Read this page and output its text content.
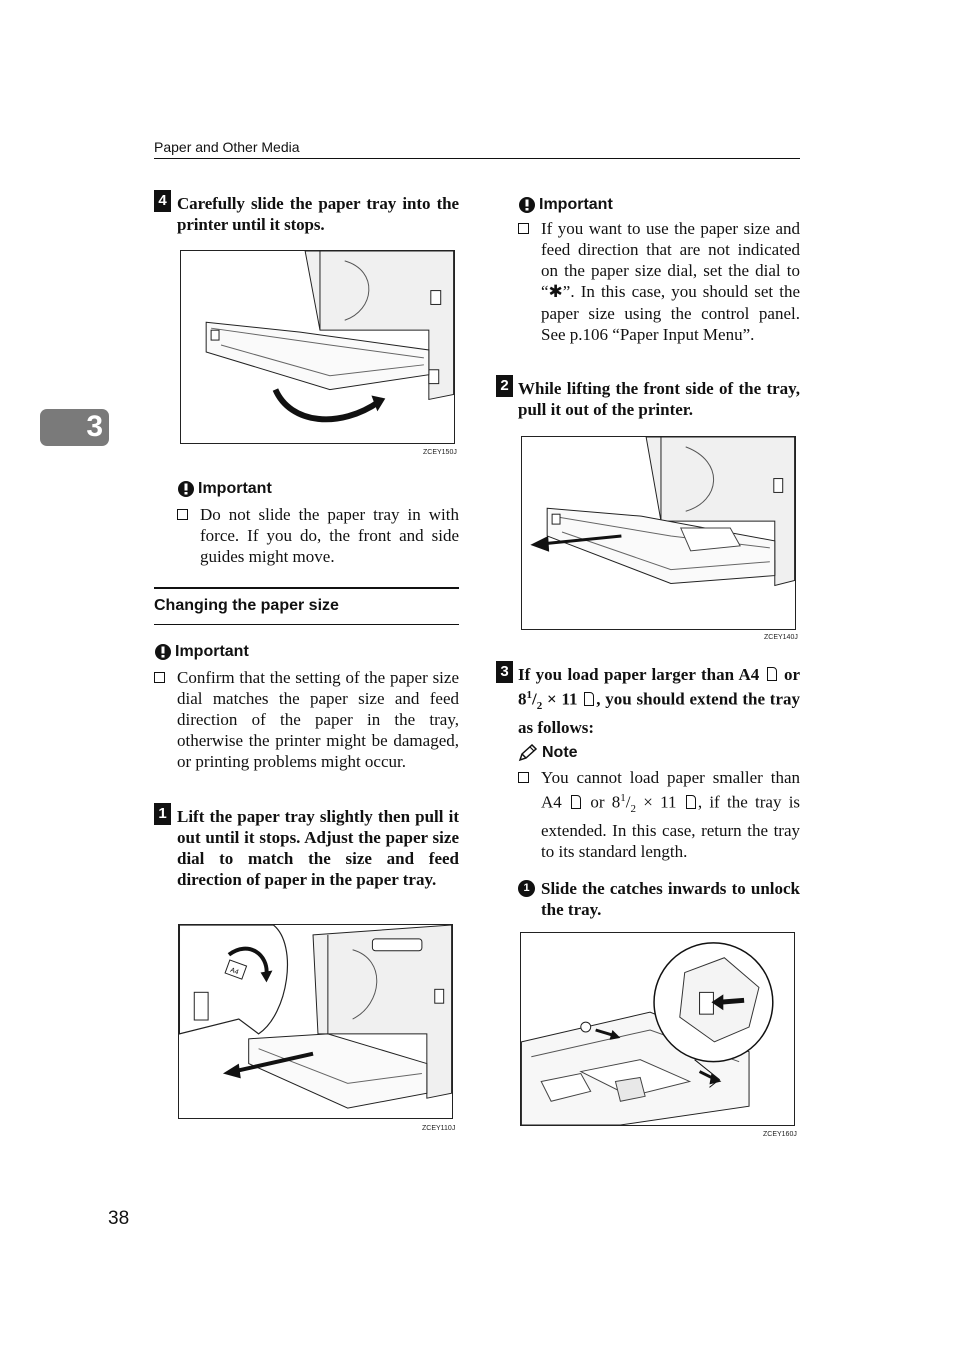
Paper and Other Media
3
4 Carefully slide the paper tray into the printer until it stops.
ZCEY150J
Important
Do not slide the paper tray in with force. If you do, the front and side guides might move.
Changing the paper size
Important
Confirm that the setting of the paper size dial matches the paper size and feed direction of the paper in the tray, otherwise the printer might be damaged, or printing problems might occur.
1 Lift the paper tray slightly then pull it out until it stops. Adjust the paper size dial to match the size and feed direction of paper in the paper tray.
A4
ZCEY110J
Important
If you want to use the paper size and feed direction that are not indicated on the paper size dial, set the dial to “✱”. In this case, you should set the paper size using the control panel. See p.106 “Paper Input Menu”.
2 While lifting the front side of the tray, pull it out of the printer.
ZCEY140J
3 If you load paper larger than A4 or $8^1/_2 \times 11$ , you should extend the tray as follows:
Note
You cannot load paper smaller than A4 or $8^1/_2 \times 11$ , if the tray is extended. In this case, return the tray to its standard length.
1 Slide the catches inwards to unlock the tray.
ZCEY160J
38
